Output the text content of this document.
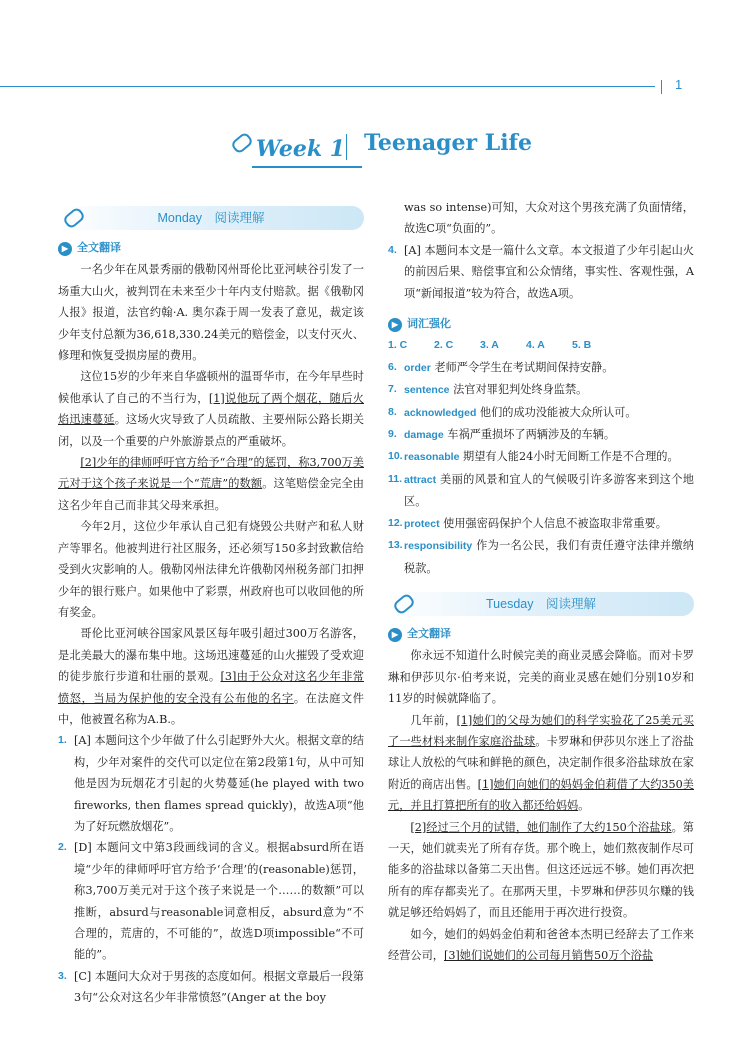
1
Week 1 Teenager Life
Monday　阅读理解
▶ 全文翻译

一名少年在风景秀丽的俄勒冈州哥伦比亚河峡谷引发了一场重大山火，被判罚在未来至少十年内支付赔款。据《俄勒冈人报》报道，法官约翰·A. 奥尔森于周一发表了意见，裁定该少年支付总额为36,618,330.24美元的赔偿金，以支付灭火、修理和恢复受损房屋的费用。

这位15岁的少年来自华盛顿州的温哥华市，在今年早些时候他承认了自己的不当行为，[1]说他玩了两个烟花，随后火焰迅速蔓延。这场火灾导致了人员疏散、主要州际公路长期关闭，以及一个重要的户外旅游景点的严重破坏。

[2]少年的律师呼吁官方给予“合理”的惩罚，称3,700万美元对于这个孩子来说是一个“荒唐”的数额。这笔赔偿金完全由这名少年自己而非其父母来承担。

今年2月，这位少年承认自己犯有烧毁公共财产和私人财产等罪名。他被判进行社区服务，还必须写150多封致歉信给受到火灾影响的人。俄勒冈州法律允许俄勒冈州税务部门扣押少年的银行账户。如果他中了彩票，州政府也可以收回他的所有奖金。

哥伦比亚河峡谷国家风景区每年吸引超过300万名游客，是北美最大的瀑布集中地。这场迅速蔓延的山火摧毁了受欢迎的徒步旅行步道和壮丽的景观。[3]由于公众对这名少年非常愤怒，当局为保护他的安全没有公布他的名字。在法庭文件中，他被置名称为A.B.。

1. [A] 本题问这个少年做了什么引起野外大火。根据文章的结构，少年对案件的交代可以定位在第2段第1句，从中可知他是因为玩烟花才引起的火势蔓延(he played with two fireworks, then flames spread quickly)，故选A项“他为了好玩燃放烟花”。
2. [D] 本题问文中第3段画线词的含义。根据absurd所在语境“少年的律师呼吁官方给予‘合理’的(reasonable)惩罚，称3,700万美元对于这个孩子来说是一个……的数额”可以推断，absurd与reasonable词意相反，absurd意为“不合理的，荒唐的，不可能的”，故选D项impossible“不可能的”。
3. [C] 本题问大众对于男孩的态度如何。根据文章最后一段第3句“公众对这名少年非常愤怒”(Anger at the boy
was so intense)可知，大众对这个男孩充满了负面情绪，故选C项“负面的”。
4. [A] 本题问本文是一篇什么文章。本文报道了少年引起山火的前因后果、赔偿事宜和公众情绪，事实性、客观性强，A项“新闻报道”较为符合，故选A项。
▶ 词汇强化
1. C	2. C	3. A	4. A	5. B
6. order 老师严令学生在考试期间保持安静。
7. sentence 法官对罪犯判处终身监禁。
8. acknowledged 他们的成功没能被大众所认可。
9. damage 车祸严重损坏了两辆涉及的车辆。
10. reasonable 期望有人能24小时无间断工作是不合理的。
11. attract 美丽的风景和宜人的气候吸引许多游客来到这个地区。
12. protect 使用强密码保护个人信息不被盗取非常重要。
13. responsibility 作为一名公民，我们有责任遵守法律并缴纳税款。
Tuesday　阅读理解
▶ 全文翻译

你永远不知道什么时候完美的商业灵感会降临。而对卡罗琳和伊莎贝尔·伯考来说，完美的商业灵感在她们分别10岁和11岁的时候就降临了。

几年前，[1]她们的父母为她们的科学实验花了25美元买了一些材料来制作家庭浴盐球。卡罗琳和伊莎贝尔迷上了浴盐球让人放松的气味和鲜艳的颜色，决定制作很多浴盐球放在家附近的商店出售。[1]她们向她们的妈妈金伯莉借了大约350美元，并且打算把所有的收入都还给妈妈。

[2]经过三个月的试错，她们制作了大约150个浴盐球。第一天，她们就卖光了所有存货。那个晚上，她们熬夜制作尽可能多的浴盐球以备第二天出售。但这还远远不够。她们再次把所有的库存都卖光了。在那两天里，卡罗琳和伊莎贝尔赚的钱就足够还给妈妈了，而且还能用于再次进行投资。

如今，她们的妈妈金伯莉和爸爸本杰明已经辞去了工作来经营公司，[3]她们说她们的公司每月销售50万个浴盐
